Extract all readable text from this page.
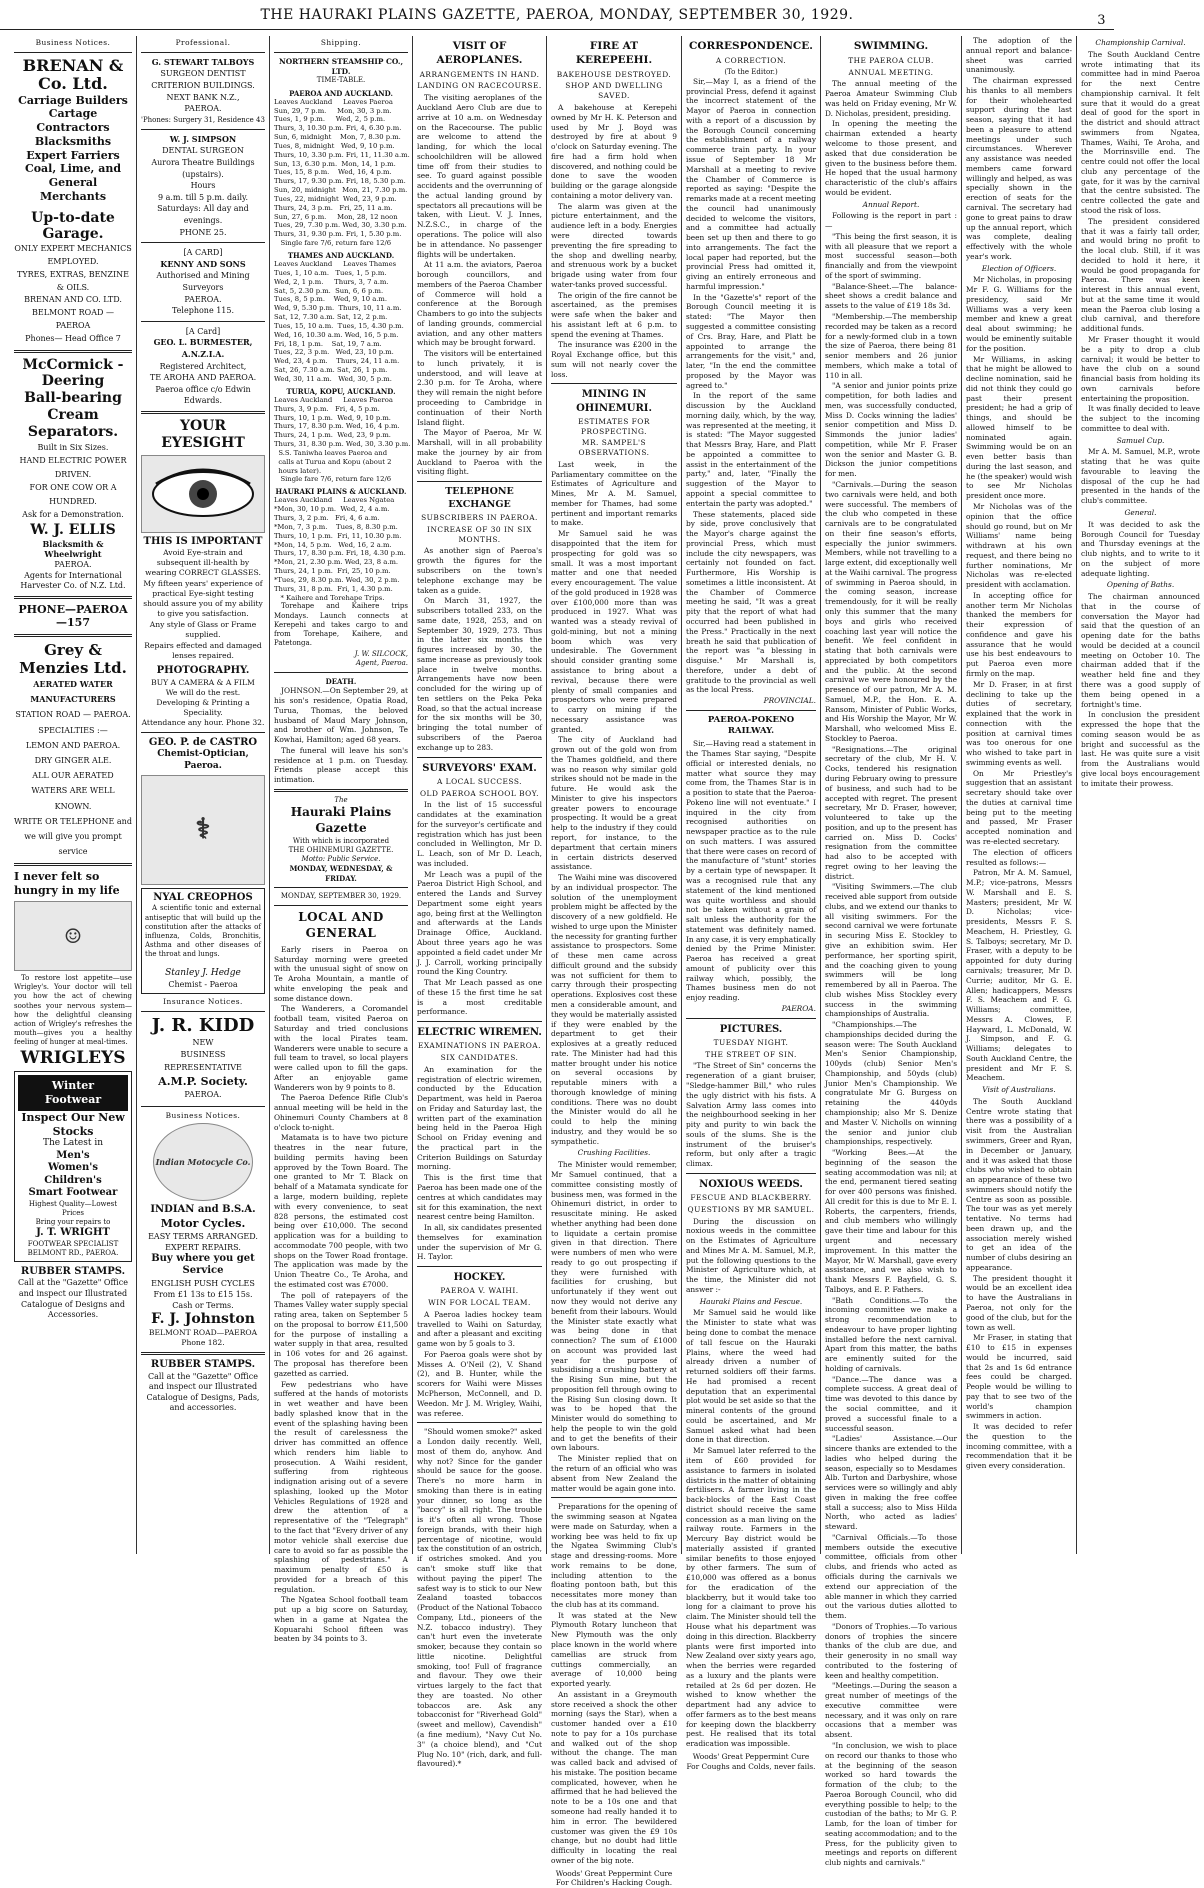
THE HAURAKI PLAINS GAZETTE, PAEROA, MONDAY, SEPTEMBER 30, 1929.	3
Business Notices.
BRENAN & Co. Ltd.
Carriage Builders
Cartage Contractors
Blacksmiths
Expert Farriers
Coal, Lime, and
General Merchants
Up-to-date Garage.
ONLY EXPERT MECHANICS EMPLOYED.
TYRES, EXTRAS, BENZINE & OILS.
BRENAN AND CO. LTD.
BELMONT ROAD — PAEROA
Phones— Head Office 7
McCormick - Deering
Ball-bearing Cream Separators.
Built in Six Sizes.
HAND ELECTRIC POWER DRIVEN.
FOR ONE COW OR A HUNDRED.
Ask for a Demonstration.
W. J. ELLIS
Blacksmith & Wheelwright
PAEROA.
Agents for International Harvester Co. of N.Z. Ltd.
PHONE—PAEROA —157
Grey & Menzies Ltd.
AERATED WATER
MANUFACTURERS
STATION ROAD — PAEROA.
SPECIALTIES :—
LEMON AND PAEROA.
DRY GINGER ALE.
ALL OUR AERATED WATERS ARE WELL KNOWN.
WRITE OR TELEPHONE and we will give you prompt service
I never felt so hungry in my life
☺

To restore lost appetite—use Wrigley's. Your doctor will tell you how the act of chewing soothes your nervous system—how the delightful cleansing action of Wrigley's refreshes the mouth—gives you a healthy feeling of hunger at meal-times.

WRIGLEYS
Winter Footwear
Inspect Our New Stocks
The Latest in
Men's
Women's
Children's
Smart Footwear
Highest Quality—Lowest Prices
Bring your repairs to
J. T. WRIGHT
FOOTWEAR SPECIALIST
BELMONT RD., PAEROA.
RUBBER STAMPS.

Call at the "Gazette" Office and inspect our Illustrated Catalogue of Designs and Accessories.

Professional.
G. STEWART TALBOYS
SURGEON DENTIST
CRITERION BUILDINGS.
NEXT BANK N.Z.,
PAEROA.
'Phones: Surgery 31, Residence 43
W. J. SIMPSON
DENTAL SURGEON
Aurora Theatre Buildings (upstairs).
Hours
9 a.m. till 5 p.m. daily.
Saturdays: All day and evenings.
PHONE 25.
[A CARD]
KENNY AND SONS
Authorised and Mining Surveyors
PAEROA.
Telephone 115.
[A Card]
GEO. L. BURMESTER, A.N.Z.I.A.
Registered Architect,
TE AROHA AND PAEROA.
Paeroa office c/o Edwin Edwards.
YOUR EYESIGHT
THIS IS IMPORTANT

Avoid Eye-strain and subsequent ill-health by wearing CORRECT GLASSES.

My fifteen years' experience of practical Eye-sight testing should assure you of my ability to give you satisfaction.

Any style of Glass or Frame supplied.

Repairs effected and damaged lenses repaired.

PHOTOGRAPHY.
BUY A CAMERA & A FILM
We will do the rest.
Developing & Printing a Speciality.
Attendance any hour. Phone 32.
GEO. P. de CASTRO
Chemist-Optician, Paeroa.
⚕
NYAL CREOPHOS

A scientific tonic and external antiseptic that will build up the constitution after the attacks of influenza, Colds, Bronchitis, Asthma and other diseases of the throat and lungs.

Stanley J. Hedge
Chemist - Paeroa
Insurance Notices.
J. R. KIDD
NEW
BUSINESS REPRESENTATIVE
A.M.P. Society.
PAEROA.
Business Notices.
Indian Motocycle Co.
INDIAN and B.S.A.
Motor Cycles.
EASY TERMS ARRANGED.
EXPERT REPAIRS.
Buy where you get Service
ENGLISH PUSH CYCLES
From £1 13s to £15 15s.
Cash or Terms.
F. J. Johnston
BELMONT ROAD—PAEROA
Phone 182.
RUBBER STAMPS.

Call at the "Gazette" Office and inspect our Illustrated Catalogue of Designs, Pads, and accessories.

Shipping.
NORTHERN STEAMSHIP CO., LTD.
TIME-TABLE.
PAEROA AND AUCKLAND.
Leaves Auckland     Leaves Paeroa
Sun, 29, 7 p.m.     Mon, 30, 3 p.m.
Tues, 1, 9 p.m.     Wed, 2, 5 p.m.
Thurs, 3, 10.30 p.m. Fri, 4, 6.30 p.m.
Sun, 6, midnight    Mon, 7, 8.30 p.m.
Tues, 8, midnight   Wed, 9, 10 p.m.
Thurs, 10, 3.30 p.m. Fri, 11, 11.30 a.m.
Sun, 13, 6.30 p.m.  Mon, 14, 1 p.m.
Tues, 15, 8 p.m.    Wed, 16, 4 p.m.
Thurs, 17, 9.30 p.m. Fri, 18, 5.30 p.m.
Sun, 20, midnight   Mon, 21, 7.30 p.m.
Tues, 22, midnight  Wed, 23, 9 p.m.
Thurs, 24, 3 p.m.   Fri, 25, 11 a.m.
Sun, 27, 6 p.m.     Mon, 28, 12 noon
Tues, 29, 7.30 p.m. Wed, 30, 3.30 p.m.
Thurs, 31, 9.30 p.m. Fri, 1, 5.30 p.m.
Single fare 7/6, return fare 12/6
THAMES AND AUCKLAND.
Leaves Auckland     Leaves Thames
Tues, 1, 10 a.m.   Tues, 1, 5 p.m.
Wed, 2, 1 p.m.     Thurs, 3, 7 a.m.
Sat, 5, 2.30 p.m.  Sun, 6, 6 p.m.
Tues, 8, 5 p.m.    Wed, 9, 10 a.m.
Wed, 9, 5.30 p.m.  Thurs, 10, 11 a.m.
Sat, 12, 7.30 a.m. Sat, 12, 2 p.m.
Tues, 15, 10 a.m.  Tues, 15, 4.30 p.m.
Wed, 16, 10.30 a.m. Wed, 16, 5 p.m.
Fri, 18, 1 p.m.    Sat, 19, 7 a.m.
Tues, 22, 3 p.m.   Wed, 23, 10 p.m.
Wed, 23, 4 p.m.    Thurs, 24, 11 a.m.
Sat, 26, 7.30 a.m. Sat, 26, 1 p.m.
Wed, 30, 11 a.m.   Wed, 30, 5 p.m.
TURUA, KOPU, AUCKLAND.
Leaves Auckland     Leaves Paeroa
Thurs, 3, 9 p.m.   Fri, 4, 5 p.m.
Thurs, 10, 1 p.m.  Wed, 9, 10 p.m.
Thurs, 17, 8.30 p.m. Wed, 16, 4 p.m.
Thurs, 24, 1 p.m.  Wed, 23, 9 p.m.
Thurs, 31, 8.30 p.m. Wed, 30, 3.30 p.m.
S.S. Taniwha leaves Paeroa and
calls at Turua and Kopu (about 2
hours later).
Single fare 7/6, return fare 12/6
HAURAKI PLAINS & AUCKLAND.
Leaves Auckland     Leaves Ngatea
*Mon, 30, 10 p.m.  Wed, 2, 4 a.m.
Thurs, 3, 2 p.m.   Fri, 4, 6 a.m.
*Mon, 7, 3 p.m.    Tues, 8, 8.30 p.m.
Thurs, 10, 1 p.m.  Fri, 11, 10.30 p.m.
*Mon, 14, 5 p.m.   Wed, 16, 2 a.m.
Thurs, 17, 8.30 p.m. Fri, 18, 4.30 p.m.
*Mon, 21, 2.30 p.m. Wed, 23, 8 a.m.
Thurs, 24, 1 p.m.  Fri, 25, 10 p.m.
*Tues, 29, 8.30 p.m. Wed, 30, 2 p.m.
Thurs, 31, 8 p.m.  Fri, 1, 4.30 p.m.
* Kaihere and Torehape Trips.

Torehape and Kaihere trips Mondays. Launch connects at Kerepehi and takes cargo to and from Torehape, Kaihere, and Patetonga.

J. W. SILCOCK,
Agent, Paeroa.
DEATH.

JOHNSON.—On September 29, at his son's residence, Opatia Road, Turua, Thomas, the beloved husband of Maud Mary Johnson, and brother of Wm. Johnson, Te Kowhai, Hamilton; aged 68 years.

The funeral will leave his son's residence at 1 p.m. on Tuesday. Friends please accept this intimation.

The
Hauraki Plains Gazette
With which is incorporated
THE OHINEMURI GAZETTE.
Motto: Public Service.
MONDAY, WEDNESDAY, & FRIDAY.
MONDAY, SEPTEMBER 30, 1929.
LOCAL AND GENERAL

Early risers in Paeroa on Saturday morning were greeted with the unusual sight of snow on Te Aroha Mountain, a mantle of white enveloping the peak and some distance down.

The Wanderers, a Coromandel football team, visited Paeroa on Saturday and tried conclusions with the local Pirates team. Wanderers were unable to secure a full team to travel, so local players were called upon to fill the gaps. After an enjoyable game Wanderers won by 9 points to 8.

The Paeroa Defence Rifle Club's annual meeting will be held in the Ohinemuri County Chambers at 8 o'clock to-night.

Matamata is to have two picture theatres in the near future, building permits having been approved by the Town Board. The one granted to Mr T. Black on behalf of a Matamata syndicate for a large, modern building, replete with every convenience, to seat 828 persons, the estimated cost being over £10,000. The second application was for a building to accommodate 700 people, with two shops on the Tower Road frontage. The application was made by the Union Theatre Co., Te Aroha, and the estimated cost was £7000.

The poll of ratepayers of the Thames Valley water supply special rating area, taken on September 5 on the proposal to borrow £11,500 for the purpose of installing a water supply in that area, resulted in 106 votes for and 26 against. The proposal has therefore been gazetted as carried.

Few pedestrians who have suffered at the hands of motorists in wet weather and have been badly splashed know that in the event of the splashing having been the result of carelessness the driver has committed an offence which renders him liable to prosecution. A Waihi resident, suffering from righteous indignation arising out of a severe splashing, looked up the Motor Vehicles Regulations of 1928 and drew the attention of a representative of the "Telegraph" to the fact that "Every driver of any motor vehicle shall exercise due care to avoid so far as possible the splashing of pedestrians." A maximum penalty of £50 is provided for a breach of this regulation.

The Ngatea School football team put up a big score on Saturday, when in a game at Ngatea the Kopuarahi School fifteen was beaten by 34 points to 3.

VISIT OF AEROPLANES.
ARRANGEMENTS IN HAND.
LANDING ON RACECOURSE.

The visiting aeroplanes of the Auckland Aero Club are due to arrive at 10 a.m. on Wednesday on the Racecourse. The public are welcome to attend the landing, for which the local schoolchildren will be allowed time off from their studies to see. To guard against possible accidents and the overrunning of the actual landing ground by spectators all precautions will be taken, with Lieut. V. J. Innes, N.Z.S.C., in charge of the operations. The police will also be in attendance. No passenger flights will be undertaken.

At 11 a.m. the aviators, Paeroa borough councillors, and members of the Paeroa Chamber of Commerce will hold a conference at the Borough Chambers to go into the subjects of landing grounds, commercial aviation, and any other matters which may be brought forward.

The visitors will be entertained to lunch privately, it is understood, and will leave at 2.30 p.m. for Te Aroha, where they will remain the night before proceeding to Cambridge in continuation of their North Island flight.

The Mayor of Paeroa, Mr W. Marshall, will in all probability make the journey by air from Auckland to Paeroa with the visiting flight.

TELEPHONE EXCHANGE
SUBSCRIBERS IN PAEROA.
INCREASE OF 30 IN SIX MONTHS.

As another sign of Paeroa's growth the figures for the subscribers on the town's telephone exchange may be taken as a guide.

On March 31, 1927, the subscribers totalled 233, on the same date, 1928, 253, and on September 30, 1929, 273. Thus in the latter six months the figures increased by 30, the same increase as previously took place in twelve months. Arrangements have now been concluded for the wiring up of ten settlers on the Peka Peka Road, so that the actual increase for the six months will be 30, bringing the total number of subscribers of the Paeroa exchange up to 283.

SURVEYORS' EXAM.
A LOCAL SUCCESS.
OLD PAEROA SCHOOL BOY.

In the list of 15 successful candidates at the examination for the surveyor's certificate and registration which has just been concluded in Wellington, Mr D. L. Leach, son of Mr D. Leach, was included.

Mr Leach was a pupil of the Paeroa District High School, and entered the Lands and Survey Department some eight years ago, being first at the Wellington and afterwards at the Lands Drainage Office, Auckland. About three years ago he was appointed a field cadet under Mr J. J. Carroll, working principally round the King Country.

That Mr Leach passed as one of these 15 the first time he sat is a most creditable performance.

ELECTRIC WIREMEN.
EXAMINATIONS IN PAEROA.
SIX CANDIDATES.

An examination for the registration of electric wiremen, conducted by the Education Department, was held in Paeroa on Friday and Saturday last, the written part of the examination being held in the Paeroa High School on Friday evening and the practical part in the Criterion Buildings on Saturday morning.

This is the first time that Paeroa has been made one of the centres at which candidates may sit for this examination, the next nearest centre being Hamilton.

In all, six candidates presented themselves for examination under the supervision of Mr G. H. Taylor.

HOCKEY.
PAEROA V. WAIHI.
WIN FOR LOCAL TEAM.

A Paeroa ladies hockey team travelled to Waihi on Saturday, and after a pleasant and exciting game won by 5 goals to 3.

For Paeroa goals were shot by Misses A. O'Neil (2), V. Shand (2), and B. Hunter, while the scorers for Waihi were Misses McPherson, McConnell, and D. Weedon. Mr J. M. Wrigley, Waihi, was referee.

"Should women smoke?" asked a London daily recently. Well, most of them do, anyhow. And why not? Since for the gander should be sauce for the goose. There's no more harm in smoking than there is in eating your dinner, so long as the "baccy" is all right. The trouble is it's often all wrong. Those foreign brands, with their high percentage of nicotine, would tax the constitution of an ostrich, if ostriches smoked. And you can't smoke stuff like that without paying the piper! The safest way is to stick to our New Zealand toasted tobaccos (Product of the National Tobacco Company, Ltd., pioneers of the N.Z. tobacco industry). They can't hurt even the inveterate smoker, because they contain so little nicotine. Delightful smoking, too! Full of fragrance and flavour. They owe their virtues largely to the fact that they are toasted. No other tobaccos are. Ask any tobacconist for "Riverhead Gold" (sweet and mellow), Cavendish" (a fine medium), "Navy Cut No. 3" (a choice blend), and "Cut Plug No. 10" (rich, dark, and full-flavoured).*

FIRE AT KEREPEEHI.
BAKEHOUSE DESTROYED.
SHOP AND DWELLING SAVED.

A bakehouse at Kerepehi owned by Mr H. K. Peterson and used by Mr J. Boyd was destroyed by fire at about 9 o'clock on Saturday evening. The fire had a firm hold when discovered, and nothing could be done to save the wooden building or the garage alongside containing a motor delivery van.

The alarm was given at the picture entertainment, and the audience left in a body. Energies were directed towards preventing the fire spreading to the shop and dwelling nearby, and strenuous work by a bucket brigade using water from four water-tanks proved successful.

The origin of the fire cannot be ascertained, as the premises were safe when the baker and his assistant left at 6 p.m. to spend the evening at Thames.

The insurance was £200 in the Royal Exchange office, but this sum will not nearly cover the loss.

MINING IN OHINEMURI.
ESTIMATES FOR PROSPECTING.
MR. SAMPEL'S OBSERVATIONS.

Last week, in the Parliamentary committee on the Estimates of Agriculture and Mines, Mr A. M. Samuel, member for Thames, had some pertinent and important remarks to make.

Mr Samuel said he was disappointed that the item for prospecting for gold was so small. It was a most important matter and one that needed every encouragement. The value of the gold produced in 1928 was over £100,000 more than was produced in 1927. What was wanted was a steady revival of gold-mining, but not a mining boom which was very undesirable. The Government should consider granting some assistance to bring about a revival, because there were plenty of small companies and prospectors who were prepared to carry on mining if the necessary assistance was granted.

The city of Auckland had grown out of the gold won from the Thames goldfield, and there was no reason why similar gold strikes should not be made in the future. He would ask the Minister to give his inspectors greater powers to encourage prospecting. It would be a great help to the industry if they could report, for instance, to the department that certain miners in certain districts deserved assistance.

The Waihi mine was discovered by an individual prospector. The solution of the unemployment problem might be affected by the discovery of a new goldfield. He wished to urge upon the Minister the necessity for granting further assistance to prospectors. Some of these men came across difficult ground and the subsidy was not sufficient for them to carry through their prospecting operations. Explosives cost these men a considerable amount, and they would be materially assisted if they were enabled by the department to get their explosives at a greatly reduced rate. The Minister had had this matter brought under his notice on several occasions by reputable miners with a thorough knowledge of mining conditions. There was no doubt the Minister would do all he could to help the mining industry, and they would be so sympathetic.

Crushing Facilities.

The Minister would remember, Mr Samuel continued, that a committee consisting mostly of business men, was formed in the Ohinemuri district, in order to resuscitate mining. He asked whether anything had been done to liquidate a certain promise given in that direction. There were numbers of men who were ready to go out prospecting if they were furnished with facilities for crushing, but unfortunately if they went out now they would not derive any benefit from their labours. Would the Minister state exactly what was being done in that connection? The sum of £1000 on account was provided last year for the purpose of subsidising a crushing battery at the Rising Sun mine, but the proposition fell through owing to the Rising Sun closing down. It was to be hoped that the Minister would do something to help the people to win the gold and to get the benefits of their own labours.

The Minister replied that on the return of an official who was absent from New Zealand the matter would be again gone into.

Preparations for the opening of the swimming season at Ngatea were made on Saturday, when a working bee was held to fix up the Ngatea Swimming Club's stage and dressing-rooms. More work remains to be done, including attention to the floating pontoon bath, but this necessitates more money than the club has at its command.

It was stated at the New Plymouth Rotary luncheon that New Plymouth was the only place known in the world where camellias are struck from cuttings commercially, an average of 10,000 being exported yearly.

An assistant in a Greymouth store received a shock the other morning (says the Star), when a customer handed over a £10 note to pay for a 10s purchase and walked out of the shop without the change. The man was called back and advised of his mistake. The position became complicated, however, when he affirmed that he had believed the note to be a 10s one and that someone had really handed it to him in error. The bewildered customer was given the £9 10s change, but no doubt had little difficulty in locating the real owner of the big note.

Woods' Great Peppermint Cure
For Children's Hacking Cough.
CORRESPONDENCE.
A CORRECTION.
(To the Editor.)

Sir,—May I, as a friend of the provincial Press, defend it against the incorrect statement of the Mayor of Paeroa in connection with a report of a discussion by the Borough Council concerning the establishment of a railway commerce train party. In your issue of September 18 Mr Marshall at a meeting to revive the Chamber of Commerce is reported as saying: "Despite the remarks made at a recent meeting the council had unanimously decided to welcome the visitors, and a committee had actually been set up then and there to go into arrangements. The fact the local paper had reported, but the provincial Press had omitted it, giving an entirely erroneous and harmful impression."

In the "Gazette's" report of the Borough Council meeting it is stated: "The Mayor then suggested a committee consisting of Crs. Bray, Hare, and Platt be appointed to arrange the arrangements for the visit," and, later, "In the end the committee proposed by the Mayor was agreed to."

In the report of the same discussion by the Auckland morning daily, which, by the way, was represented at the meeting, it is stated: "The Mayor suggested that Messrs Bray, Hare, and Platt be appointed a committee to assist in the entertainment of the party," and, later, "Finally the suggestion of the Mayor to appoint a special committee to entertain the party was adopted."

These statements, placed side by side, prove conclusively that the Mayor's charge against the provincial Press, which must include the city newspapers, was certainly not founded on fact. Furthermore, His Worship is sometimes a little inconsistent. At the Chamber of Commerce meeting he said, "It was a great pity that the report of what had occurred had been published in the Press." Practically in the next breath he said that publication of the report was "a blessing in disguise." Mr Marshall is, therefore, under a debt of gratitude to the provincial as well as the local Press.

PROVINCIAL.
PAEROA-POKENO RAILWAY.

Sir,—Having read a statement in the Thames Star saying, "Despite official or interested denials, no matter what source they may come from, the Thames Star is in a position to state that the Paeroa-Pokeno line will not eventuate." I inquired in the city from recognised authorities on newspaper practice as to the rule on such matters. I was assured that there were cases on record of the manufacture of "stunt" stories by a certain type of newspaper. It was a recognised rule that any statement of the kind mentioned was quite worthless and should not be taken without a grain of salt unless the authority for the statement was definitely named. In any case, it is very emphatically denied by the Prime Minister. Paeroa has received a great amount of publicity over this railway which, possibly, the Thames business men do not enjoy reading.

PAEROA.
PICTURES.
TUESDAY NIGHT.
THE STREET OF SIN.

"The Street of Sin" concerns the regeneration of a giant bruiser, "Sledge-hammer Bill," who rules the ugly district with his fists. A Salvation Army lass comes into the neighbourhood seeking in her pity and purity to win back the souls of the slums. She is the instrument of the bruiser's reform, but only after a tragic climax.

NOXIOUS WEEDS.
FESCUE AND BLACKBERRY.
QUESTIONS BY MR SAMUEL.

During the discussion on noxious weeds in the committee on the Estimates of Agriculture and Mines Mr A. M. Samuel, M.P., put the following questions to the Minister of Agriculture which, at the time, the Minister did not answer :-

Hauraki Plains and Fescue.

Mr Samuel said he would like the Minister to state what was being done to combat the menace of tall fescue on the Hauraki Plains, where the weed had already driven a number of returned soldiers off their farms. He had promised a recent deputation that an experimental plot would be set aside so that the mineral contents of the ground could be ascertained, and Mr Samuel asked what had been done in that direction.

Mr Samuel later referred to the item of £60 provided for assistance to farmers in isolated districts in the matter of obtaining fertilisers. A farmer living in the back-blocks of the East Coast district should receive the same concession as a man living on the railway route. Farmers in the Mercury Bay district would be materially assisted if granted similar benefits to those enjoyed by other farmers. The sum of £10,000 was offered as a bonus for the eradication of the blackberry, but it would take too long for a claimant to prove his claim. The Minister should tell the House what his department was doing in this direction. Blackberry plants were first imported into New Zealand over sixty years ago, when the berries were regarded as a luxury and the plants were retailed at 2s 6d per dozen. He wished to know whether the department had any advice to offer farmers as to the best means for keeping down the blackberry pest. He realised that its total eradication was impossible.

Woods' Great Peppermint Cure
For Coughs and Colds, never fails.
SWIMMING.
THE PAEROA CLUB.
ANNUAL MEETING.

The annual meeting of the Paeroa Amateur Swimming Club was held on Friday evening, Mr W. D. Nicholas, president, presiding.

In opening the meeting the chairman extended a hearty welcome to those present, and asked that due consideration be given to the business before them. He hoped that the usual harmony characteristic of the club's affairs would be evident.

Annual Report.

Following is the report in part :—

"This being the first season, it is with all pleasure that we report a most successful season—both financially and from the viewpoint of the sport of swimming.

"Balance-Sheet.—The balance-sheet shows a credit balance and assets to the value of £19 18s 3d.

"Membership.—The membership recorded may be taken as a record for a newly-formed club in a town the size of Paeroa, there being 81 senior members and 26 junior members, which make a total of 110 in all.

"A senior and junior points prize competition, for both ladies and men, was successfully conducted, Miss D. Cocks winning the ladies' senior competition and Miss D. Simmonds the junior ladies' competition, while Mr F. Fraser won the senior and Master G. B. Dickson the junior competitions for men.

"Carnivals.—During the season two carnivals were held, and both were successful. The members of the club who competed in these carnivals are to be congratulated on their fine season's efforts, especially the junior swimmers. Members, while not travelling to a large extent, did exceptionally well at the Waihi carnival. The progress of swimming in Paeroa should, in the coming season, increase tremendously, for it will be really only this summer that the many boys and girls who received coaching last year will notice the benefit. We feel confident in stating that both carnivals were appreciated by both competitors and the public. At the second carnival we were honoured by the presence of our patron, Mr A. M. Samuel, M.P., the Hon. E. A. Ransom, Minister of Public Works, and His Worship the Mayor, Mr W. Marshall, who welcomed Miss E. Stockley to Paeroa.

"Resignations.—The original secretary of the club, Mr H. V. Cocks, tendered his resignation during February owing to pressure of business, and such had to be accepted with regret. The present secretary, Mr D. Fraser, however, volunteered to take up the position, and up to the present has carried on. Miss D. Cocks' resignation from the committee had also to be accepted with regret owing to her leaving the district.

"Visiting Swimmers.—The club received able support from outside clubs, and we extend our thanks to all visiting swimmers. For the second carnival we were fortunate in securing Miss E. Stockley to give an exhibition swim. Her performance, her sporting spirit, and the coaching given to young swimmers will be long remembered by all in Paeroa. The club wishes Miss Stockley every success in the swimming championships of Australia.

"Championships.—The championships decided during the season were: The South Auckland Men's Senior Championship, 100yds (club) Senior Men's Championship, and 50yds (club) Junior Men's Championship. We congratulate Mr G. Burgess on retaining the 440yds championship; also Mr S. Denize and Master V. Nicholls on winning the senior and junior club championships, respectively.

"Working Bees.—At the beginning of the season the seating accommodation was nil; at the end, permanent tiered seating for over 400 persons was finished. All credit for this is due to Mr E. I. Roberts, the carpenters, friends, and club members who willingly gave their time and labour for this urgent and necessary improvement. In this matter the Mayor, Mr W. Marshall, gave every assistance, and we also wish to thank Messrs F. Bayfield, G. S. Talboys, and E. P. Fathers.

"Bath Conditions.—To the incoming committee we make a strong recommendation to endeavour to have proper lighting installed before the next carnival. Apart from this matter, the baths are eminently suited for the holding of carnivals.

"Dance.—The dance was a complete success. A great deal of time was devoted to this dance by the social committee, and it proved a successful finale to a successful season.

"Ladies' Assistance.—Our sincere thanks are extended to the ladies who helped during the season, especially so to Mesdames Alb. Turton and Darbyshire, whose services were so willingly and ably given in making the free coffee stall a success; also to Miss Hilda North, who acted as ladies' steward.

"Carnival Officials.—To those members outside the executive committee, officials from other clubs, and friends who acted as officials during the carnivals we extend our appreciation of the able manner in which they carried out the various duties allotted to them.

"Donors of Trophies.—To various donors of trophies the sincere thanks of the club are due, and their generosity in no small way contributed to the fostering of keen and healthy competition.

"Meetings.—During the season a great number of meetings of the executive committee were necessary, and it was only on rare occasions that a member was absent.

"In conclusion, we wish to place on record our thanks to those who at the beginning of the season worked so hard towards the formation of the club; to the Paeroa Borough Council, who did everything possible to help; to the custodian of the baths; to Mr G. P. Lamb, for the loan of timber for seating accommodation; and to the Press, for the publicity given to meetings and reports on different club nights and carnivals."

The adoption of the annual report and balance-sheet was carried unanimously.

The chairman expressed his thanks to all members for their wholehearted support during the last season, saying that it had been a pleasure to attend meetings under such circumstances. Wherever any assistance was needed members came forward willingly and helped, as was specially shown in the erection of seats for the carnival. The secretary had gone to great pains to draw up the annual report, which was complete, dealing effectively with the whole year's work.

Election of Officers.

Mr Nicholas, in proposing Mr F. G. Williams for the presidency, said Mr Williams was a very keen member and knew a great deal about swimming; he would be eminently suitable for the position.

Mr Williams, in asking that he might be allowed to decline nomination, said he did not think they could go past their present president; he had a grip of things, and should be allowed himself to be nominated again. Swimming would be on an even better basis than during the last season, and he (the speaker) would wish to see Mr Nicholas president once more.

Mr Nicholas was of the opinion that the office should go round, but on Mr Williams' name being withdrawn at his own request, and there being no further nominations, Mr Nicholas was re-elected president with acclamation.

In accepting office for another term Mr Nicholas thanked the members for their expression of confidence and gave his assurance that he would use his best endeavours to put Paeroa even more firmly on the map.

Mr D. Fraser, in at first declining to take up the duties of secretary, explained that the work in connection with the position at carnival times was too onerous for one who wished to take part in swimming events as well.

On Mr Priestley's suggestion that an assistant secretary should take over the duties at carnival time being put to the meeting and passed, Mr Fraser accepted nomination and was re-elected secretary.

The election of officers resulted as follows:—

Patron, Mr A. M. Samuel, M.P.; vice-patrons, Messrs W. Marshall and E. S. Masters; president, Mr W. D. Nicholas; vice-presidents, Messrs F. S. Meachem, H. Priestley, G. S. Talboys; secretary, Mr D. Fraser, with a deputy to be appointed for duty during carnivals; treasurer, Mr D. Currie; auditor, Mr G. E. Allen; hadicappers, Messrs F. S. Meachem and F. G. Williams; committee, Messrs A. Clowes, F. Hayward, L. McDonald, W. J. Simpson, and F. G. Williams; delegates to South Auckland Centre, the president and Mr F. S. Meachem.

Visit of Australians.

The South Auckland Centre wrote stating that there was a possibility of a visit from the Australian swimmers, Greer and Ryan, in December or January, and it was asked that those clubs who wished to obtain an appearance of these two swimmers should notify the Centre as soon as possible. The tour was as yet merely tentative. No terms had been drawn up, and the association merely wished to get an idea of the number of clubs desiring an appearance.

The president thought it would be an excellent idea to have the Australians in Paeroa, not only for the good of the club, but for the town as well.

Mr Fraser, in stating that £10 to £15 in expenses would be incurred, said that 2s and 1s 6d entrance fees could be charged. People would be willing to pay that to see two of the world's champion swimmers in action.

It was decided to refer the question to the incoming committee, with a recommendation that it be given every consideration.

Championship Carnival.

The South Auckland Centre wrote intimating that its committee had in mind Paeroa for the next Centre championship carnival. It felt sure that it would do a great deal of good for the sport in the district and should attract swimmers from Ngatea, Thames, Waihi, Te Aroha, and the Morrinsville end. The centre could not offer the local club any percentage of the gate, for it was by the carnival that the centre subsisted. The centre collected the gate and stood the risk of loss.

The president considered that it was a fairly tall order, and would bring no profit to the local club. Still, if it was decided to hold it here, it would be good propaganda for Paeroa. There was keen interest in this annual event, but at the same time it would mean the Paeroa club losing a club carnival, and therefore additional funds.

Mr Fraser thought it would be a pity to drop a club carnival; it would be better to have the club on a sound financial basis from holding its own carnivals before entertaining the proposition.

It was finally decided to leave the subject to the incoming committee to deal with.

Samuel Cup.

Mr A. M. Samuel, M.P., wrote stating that he was quite favourable to leaving the disposal of the cup he had presented in the hands of the club's committee.

General.

It was decided to ask the Borough Council for Tuesday and Thursday evenings at the club nights, and to write to it on the subject of more adequate lighting.

Opening of Baths.

The chairman announced that in the course of conversation the Mayor had said that the question of an opening date for the baths would be decided at a council meeting on October 10. The chairman added that if the weather held fine and they there was a good supply of them being opened in a fortnight's time.

In conclusion the president expressed the hope that the coming season would be as bright and successful as the last. He was quite sure a visit from the Australians would give local boys encouragement to imitate their prowess.
